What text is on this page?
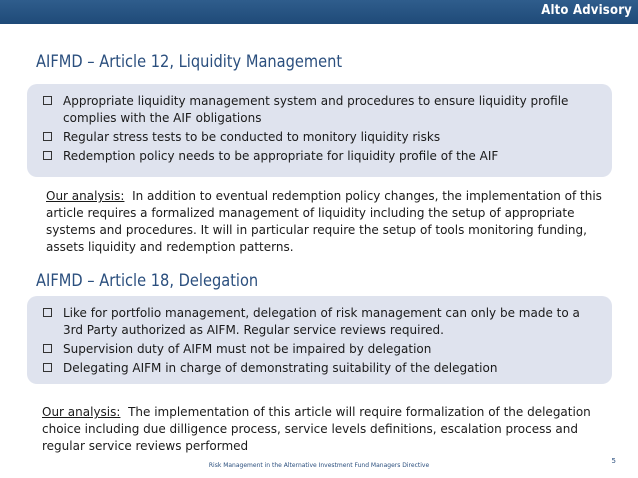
Alto Advisory
AIFMD – Article 12, Liquidity Management
Appropriate liquidity management system and procedures to ensure liquidity profile complies with the AIF obligations
Regular stress tests to be conducted to monitory liquidity risks
Redemption policy needs to be appropriate for liquidity profile of the AIF
Our analysis: In addition to eventual redemption policy changes, the implementation of this article requires a formalized management of liquidity including the setup of appropriate systems and procedures. It will in particular require the setup of tools monitoring funding, assets liquidity and redemption patterns.
AIFMD – Article 18, Delegation
Like for portfolio management, delegation of risk management can only be made to a 3rd Party authorized as AIFM. Regular service reviews required.
Supervision duty of AIFM must not be impaired by delegation
Delegating AIFM in charge of demonstrating suitability of the delegation
Our analysis: The implementation of this article will require formalization of the delegation choice including due dilligence process, service levels definitions, escalation process and regular service reviews performed
Risk Management in the Alternative Investment Fund Managers Directive
5
